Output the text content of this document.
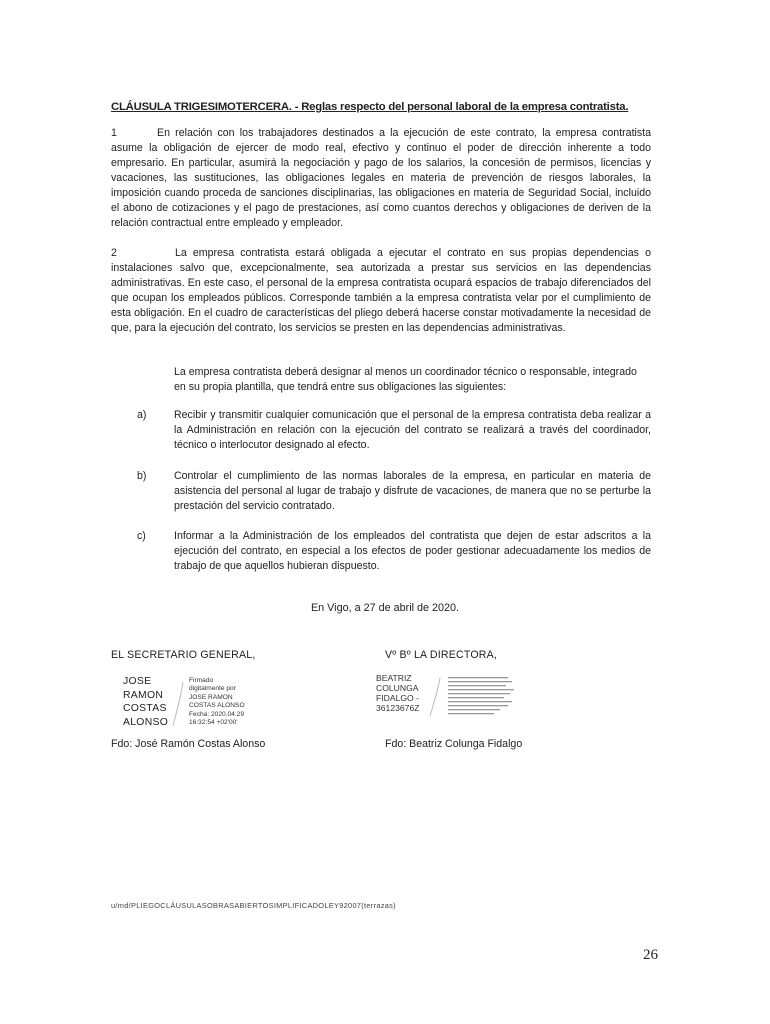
CLÁUSULA TRIGESIMOTERCERA. - Reglas respecto del personal laboral de la empresa contratista.
1	En relación con los trabajadores destinados a la ejecución de este contrato, la empresa contratista asume la obligación de ejercer de modo real, efectivo y continuo el poder de dirección inherente a todo empresario. En particular, asumirá la negociación y pago de los salarios, la concesión de permisos, licencias y vacaciones, las sustituciones, las obligaciones legales en materia de prevención de riesgos laborales, la imposición cuando proceda de sanciones disciplinarias, las obligaciones en materia de Seguridad Social, incluido el abono de cotizaciones y el pago de prestaciones, así como cuantos derechos y obligaciones de deriven de la relación contractual entre empleado y empleador.
2	La empresa contratista estará obligada a ejecutar el contrato en sus propias dependencias o instalaciones salvo que, excepcionalmente, sea autorizada a prestar sus servicios en las dependencias administrativas. En este caso, el personal de la empresa contratista ocupará espacios de trabajo diferenciados del que ocupan los empleados públicos. Corresponde también a la empresa contratista velar por el cumplimiento de esta obligación. En el cuadro de características del pliego deberá hacerse constar motivadamente la necesidad de que, para la ejecución del contrato, los servicios se presten en las dependencias administrativas.
La empresa contratista deberá designar al menos un coordinador técnico o responsable, integrado en su propia plantilla, que tendrá entre sus obligaciones las siguientes:
a)	Recibir y transmitir cualquier comunicación que el personal de la empresa contratista deba realizar a la Administración en relación con la ejecución del contrato se realizará a través del coordinador, técnico o interlocutor designado al efecto.
b)	Controlar el cumplimiento de las normas laborales de la empresa, en particular en materia de asistencia del personal al lugar de trabajo y disfrute de vacaciones, de manera que no se perturbe la prestación del servicio contratado.
c)	Informar a la Administración de los empleados del contratista que dejen de estar adscritos a la ejecución del contrato, en especial a los efectos de poder gestionar adecuadamente los medios de trabajo de que aquellos hubieran dispuesto.
En Vigo, a 27 de abril de 2020.
EL SECRETARIO GENERAL,
JOSE
RAMON
COSTAS
ALONSO
Firmado
digitalmente por
JOSE RAMON
COSTAS ALONSO
Fecha: 2020.04.29
16:32:54 +02'00'
Fdo: José Ramón Costas Alonso
Vº Bº LA DIRECTORA,
BEATRIZ
COLUNGA
FIDALGO -
36123676Z
Fdo: Beatriz Colunga Fidalgo
u/md/PLIEGOCLÁUSULASOBRASABIERTOSIMPLIFICADOLEY92007(terrazas)
26
